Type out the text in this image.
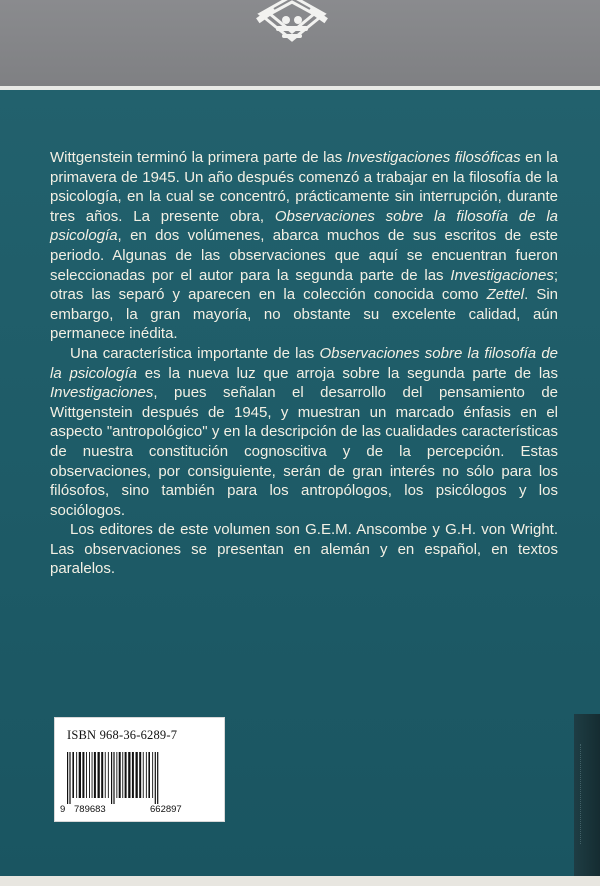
Wittgenstein terminó la primera parte de las Investigaciones filosóficas en la primavera de 1945. Un año después comenzó a trabajar en la filosofía de la psicología, en la cual se concentró, prácticamente sin interrupción, durante tres años. La presente obra, Observaciones sobre la filosofía de la psicología, en dos volúmenes, abarca muchos de sus escritos de este periodo. Algunas de las observaciones que aquí se encuentran fueron seleccionadas por el autor para la segunda parte de las Investigaciones; otras las separó y aparecen en la colección conocida como Zettel. Sin embargo, la gran mayoría, no obstante su excelente calidad, aún permanece inédita.

Una característica importante de las Observaciones sobre la filosofía de la psicología es la nueva luz que arroja sobre la segunda parte de las Investigaciones, pues señalan el desarrollo del pensamiento de Wittgenstein después de 1945, y muestran un marcado énfasis en el aspecto "antropológico" y en la descripción de las cualidades características de nuestra constitución cognoscitiva y de la percepción. Estas observaciones, por consiguiente, serán de gran interés no sólo para los filósofos, sino también para los antropólogos, los psicólogos y los sociólogos.

Los editores de este volumen son G.E.M. Anscombe y G.H. von Wright. Las observaciones se presentan en alemán y en español, en textos paralelos.

ISBN 968-36-6289-7
9 789683	662897
